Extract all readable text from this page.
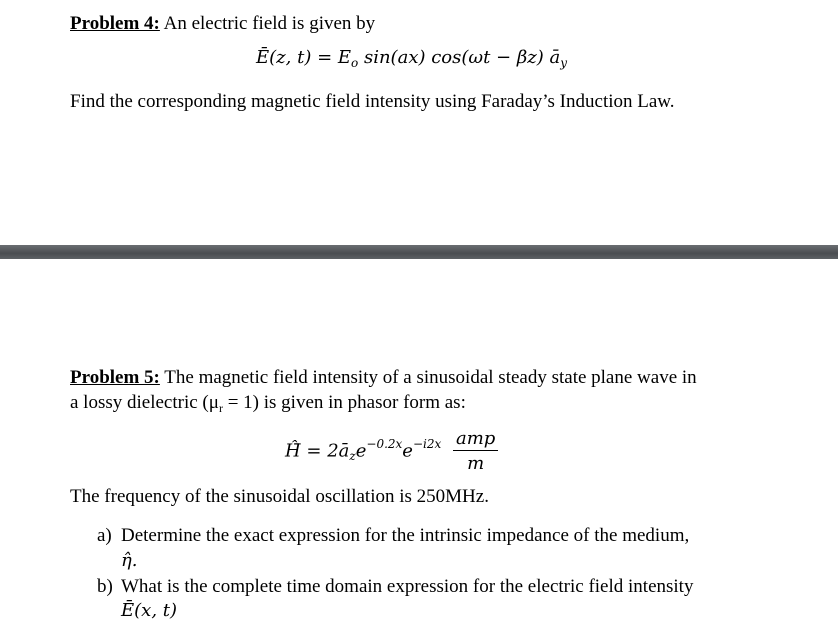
Problem 4: An electric field is given by
Ē(z, $t) = E_o$ sin(ax) cos(ωt − βz) $ā_y$
Find the corresponding magnetic field intensity using Faraday’s Induction Law.
Problem 5: The magnetic field intensity of a sinusoidal steady state plane wave in
a lossy dielectric $(\mu_r = 1)$ is given in phasor form as:
Ĥ̄ = $2ā_ze^{-0.2x}e^{-i2x} \frac{\text{amp}}{m}$
The frequency of the sinusoidal oscillation is 250MHz.
a) Determine the exact expression for the intrinsic impedance of the medium,
η̂.
b) What is the complete time domain expression for the electric field intensity
Ē(x, t)
